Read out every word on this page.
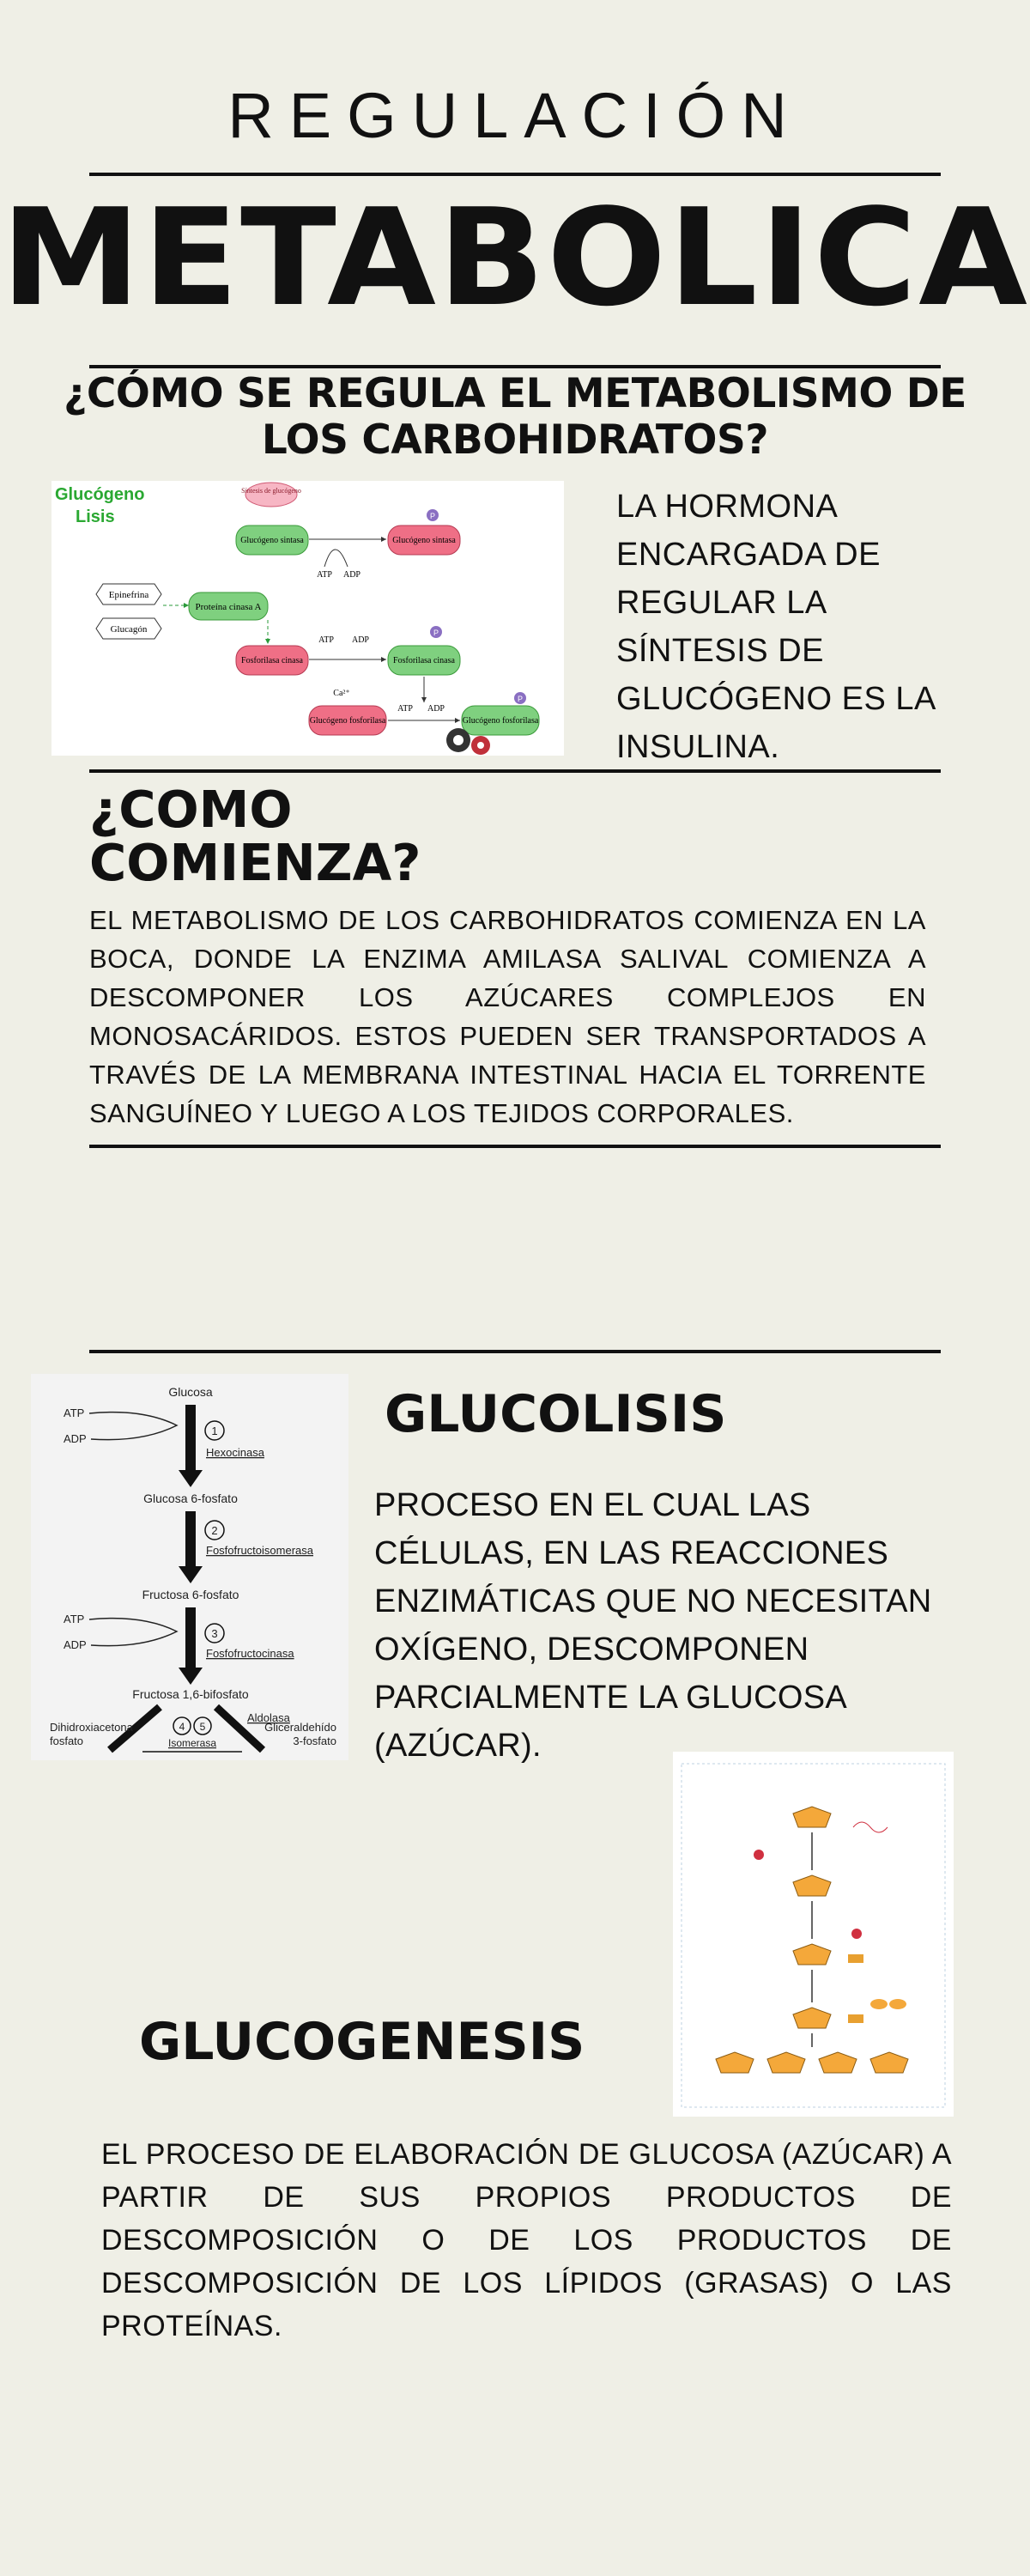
REGULACIÓN
METABOLICA
¿CÓMO SE REGULA EL METABOLISMO DE LOS CARBOHIDRATOS?
Glucógeno
Lisis
Síntesis de glucógeno
Epinefrina
Glucagón
Proteína cinasa A
Glucógeno sintasa	Glucógeno sintasa
ATP ADP
P
Fosforilasa cinasa	Fosforilasa cinasa
ATP ADP
P
Ca²⁺
Glucógeno fosforilasa	Glucógeno fosforilasa
ATP ADP
P
LA HORMONA ENCARGADA DE REGULAR LA SÍNTESIS DE GLUCÓGENO ES LA INSULINA.
¿COMO COMIENZA?
EL METABOLISMO DE LOS CARBOHIDRATOS COMIENZA EN LA BOCA, DONDE LA ENZIMA AMILASA SALIVAL COMIENZA A DESCOMPONER LOS AZÚCARES COMPLEJOS EN MONOSACÁRIDOS. ESTOS PUEDEN SER TRANSPORTADOS A TRAVÉS DE LA MEMBRANA INTESTINAL HACIA EL TORRENTE SANGUÍNEO Y LUEGO A LOS TEJIDOS CORPORALES.
Glucosa
ATP
ADP
1
Hexocinasa
Glucosa 6-fosfato
2
Fosfofructoisomerasa
Fructosa 6-fosfato
ATP
ADP
3
Fosfofructocinasa
Fructosa 1,6-bifosfato
Aldolasa
4 5
Isomerasa
Dihidroxiacetona
fosfato
Gliceraldehído
3-fosfato
GLUCOLISIS
PROCESO EN EL CUAL LAS CÉLULAS, EN LAS REACCIONES ENZIMÁTICAS QUE NO NECESITAN OXÍGENO, DESCOMPONEN PARCIALMENTE LA GLUCOSA (AZÚCAR).
GLUCOGENESIS
EL PROCESO DE ELABORACIÓN DE GLUCOSA (AZÚCAR) A PARTIR DE SUS PROPIOS PRODUCTOS DE DESCOMPOSICIÓN O DE LOS PRODUCTOS DE DESCOMPOSICIÓN DE LOS LÍPIDOS (GRASAS) O LAS PROTEÍNAS.
